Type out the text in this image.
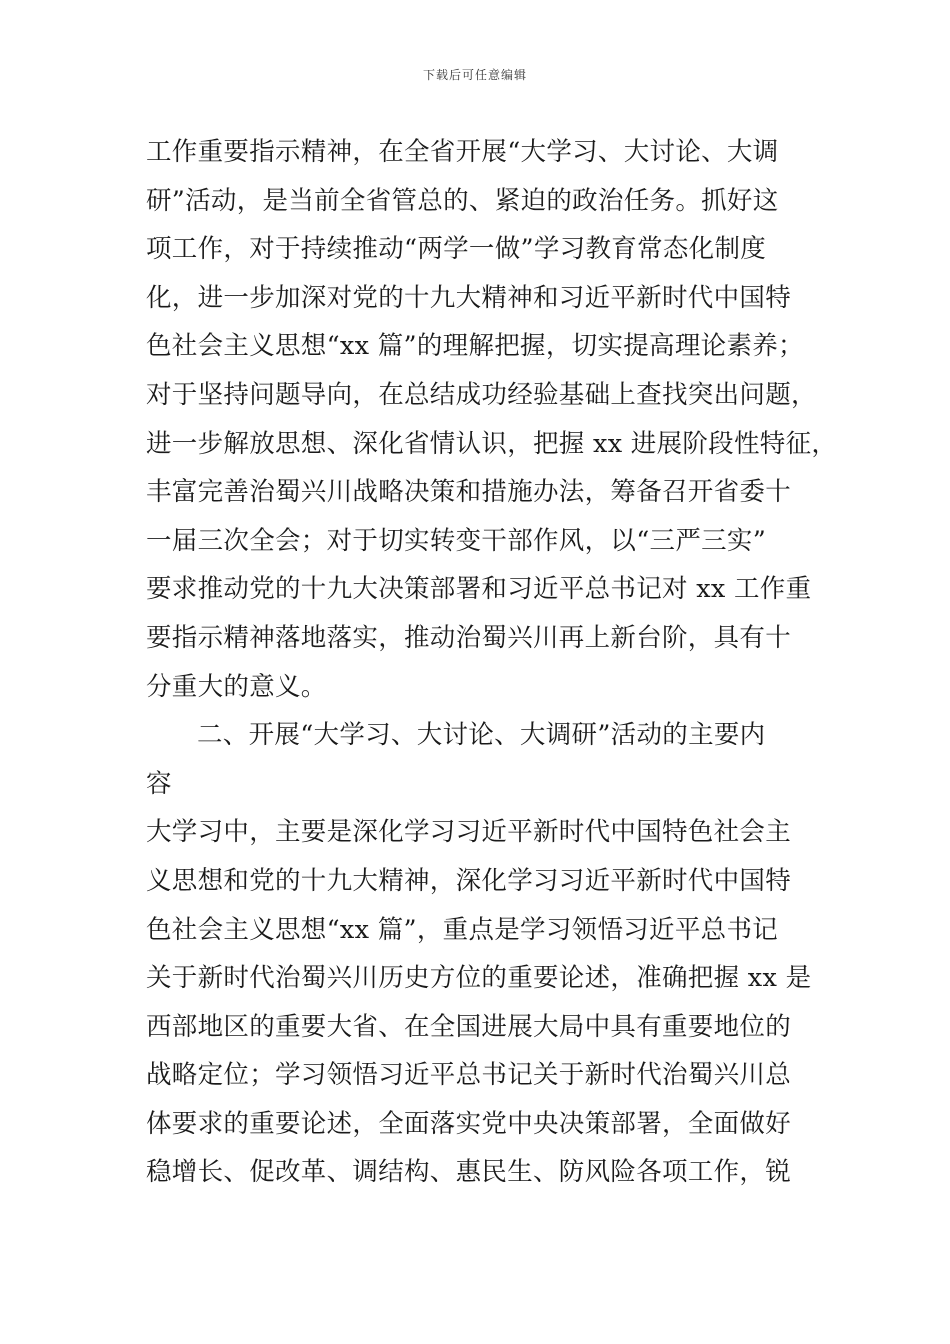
下载后可任意编辑
工作重要指示精神，在全省开展“大学习、大讨论、大调
研”活动，是当前全省管总的、紧迫的政治任务。抓好这
项工作，对于持续推动“两学一做”学习教育常态化制度
化，进一步加深对党的十九大精神和习近平新时代中国特
色社会主义思想“xx 篇”的理解把握，切实提高理论素养；
对于坚持问题导向，在总结成功经验基础上查找突出问题，
进一步解放思想、深化省情认识，把握 xx 进展阶段性特征，
丰富完善治蜀兴川战略决策和措施办法，筹备召开省委十
一届三次全会；对于切实转变干部作风，以“三严三实”
要求推动党的十九大决策部署和习近平总书记对 xx 工作重
要指示精神落地落实，推动治蜀兴川再上新台阶，具有十
分重大的意义。
二、开展“大学习、大讨论、大调研”活动的主要内
容
大学习中，主要是深化学习习近平新时代中国特色社会主
义思想和党的十九大精神，深化学习习近平新时代中国特
色社会主义思想“xx 篇”，重点是学习领悟习近平总书记
关于新时代治蜀兴川历史方位的重要论述，准确把握 xx 是
西部地区的重要大省、在全国进展大局中具有重要地位的
战略定位；学习领悟习近平总书记关于新时代治蜀兴川总
体要求的重要论述，全面落实党中央决策部署，全面做好
稳增长、促改革、调结构、惠民生、防风险各项工作，锐
